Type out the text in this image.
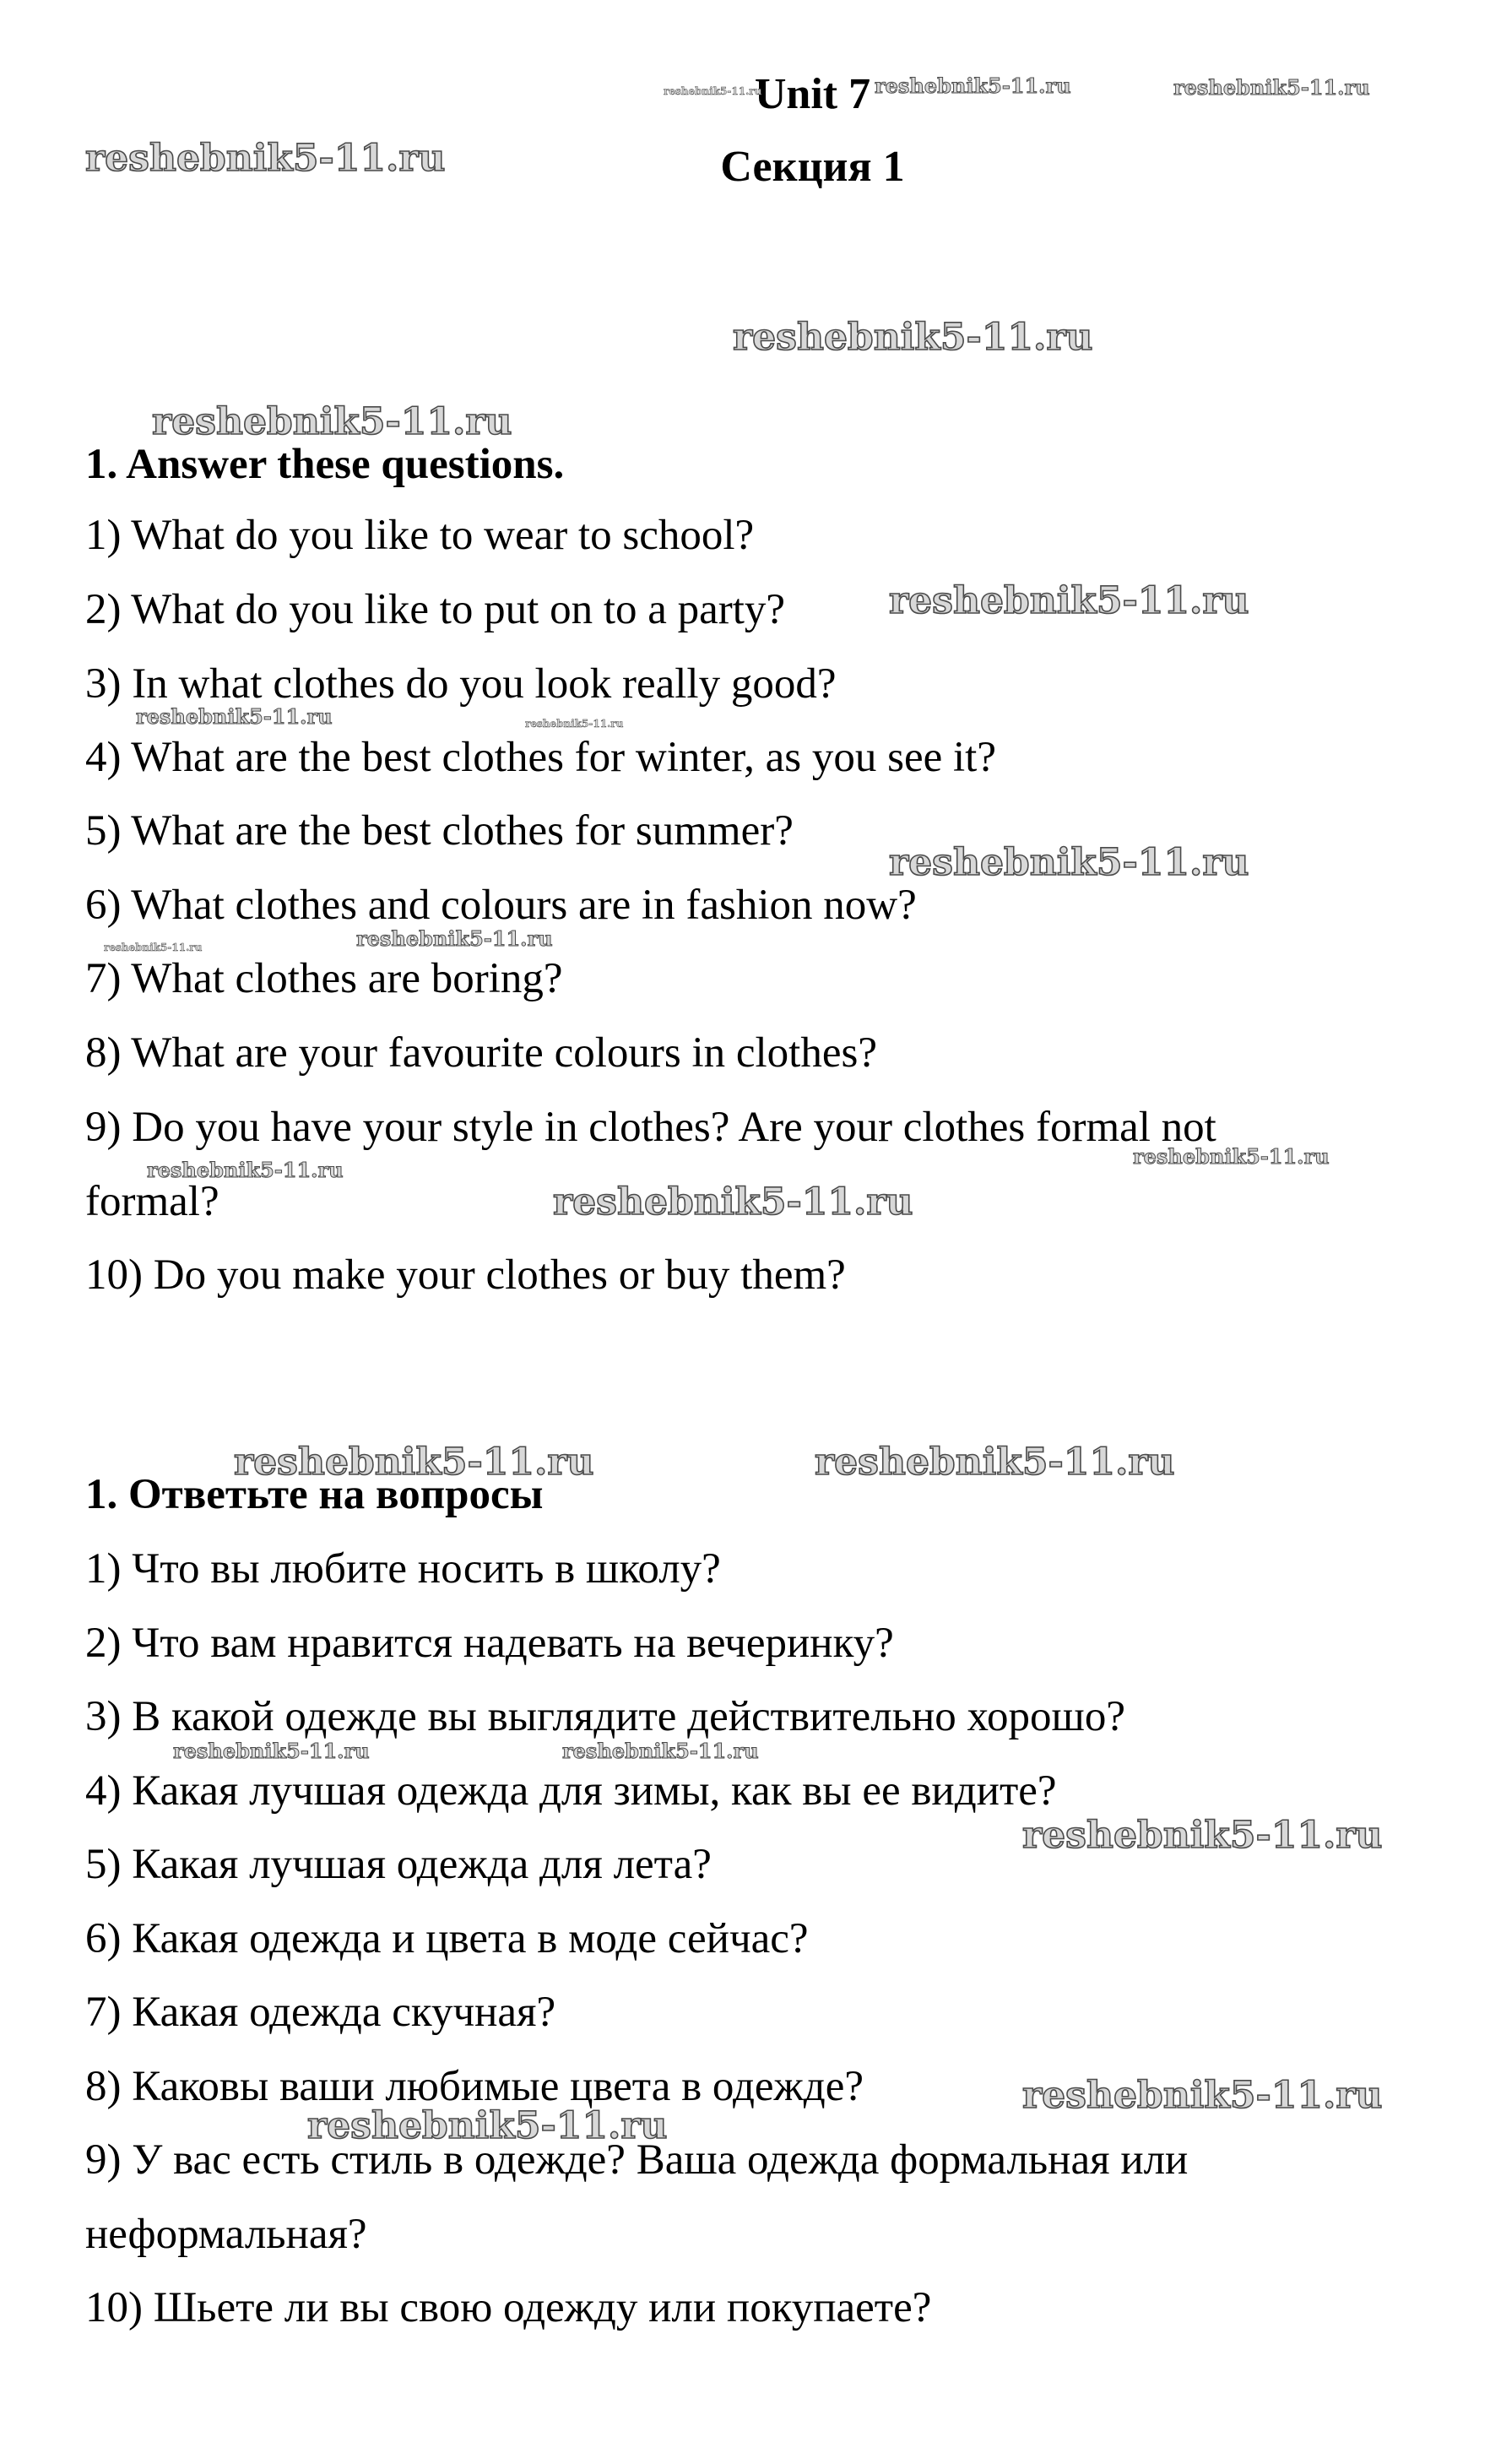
Unit 7
Секция 1
1. Answer these questions.
1) What do you like to wear to school?
2) What do you like to put on to a party?
3) In what clothes do you look really good?
4) What are the best clothes for winter, as you see it?
5) What are the best clothes for summer?
6) What clothes and colours are in fashion now?
7) What clothes are boring?
8) What are your favourite colours in clothes?
9) Do you have your style in clothes? Are your clothes formal not
formal?
10) Do you make your clothes or buy them?
1. Ответьте на вопросы
1) Что вы любите носить в школу?
2) Что вам нравится надевать на вечеринку?
3) В какой одежде вы выглядите действительно хорошо?
4) Какая лучшая одежда для зимы, как вы ее видите?
5) Какая лучшая одежда для лета?
6) Какая одежда и цвета в моде сейчас?
7) Какая одежда скучная?
8) Каковы ваши любимые цвета в одежде?
9) У вас есть стиль в одежде? Ваша одежда формальная или
неформальная?
10) Шьете ли вы свою одежду или покупаете?
reshebnik5-11.ru	reshebnik5-11.ru	reshebnik5-11.ru
reshebnik5-11.ru
reshebnik5-11.ru
reshebnik5-11.ru
reshebnik5-11.ru
reshebnik5-11.ru	reshebnik5-11.ru
reshebnik5-11.ru
reshebnik5-11.ru	reshebnik5-11.ru
reshebnik5-11.ru
reshebnik5-11.ru
reshebnik5-11.ru
reshebnik5-11.ru	reshebnik5-11.ru
reshebnik5-11.ru	reshebnik5-11.ru
reshebnik5-11.ru
reshebnik5-11.ru
reshebnik5-11.ru
